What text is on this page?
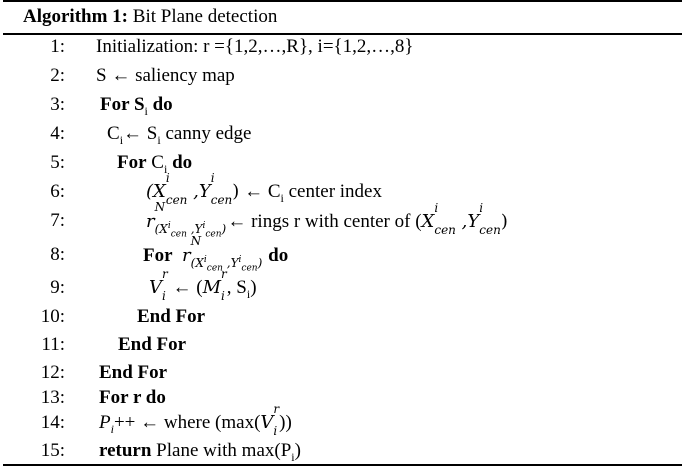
Algorithm 1: Bit Plane detection
1: Initialization: r ={1,2,…,R}, i={1,2,…,8}
2: S ← saliency map
3: For $S_i$ do
4: $C_i\leftarrow$ $S_i$ canny edge
5:	For $C_i$ do
6:	(X
i
cen ,Y
i
cen ) ← $C_i$ center index
7:	r
N
($X^i_{cen}$ $,Y^i_{cen}$) ← rings r with center of (X
i
cen ,Y
i
cen )
8:	For r
N
($X^i_{cen}$ $,Y^i_{cen}$) do
9:	V
r
i ← (M
r
i , $S_i$)
10:	End For
11:	End For
12: End For
13: For r do
14: $P_i++$ ← where (max(V
r
i ))
15: return Plane with $\max(P_i)$
